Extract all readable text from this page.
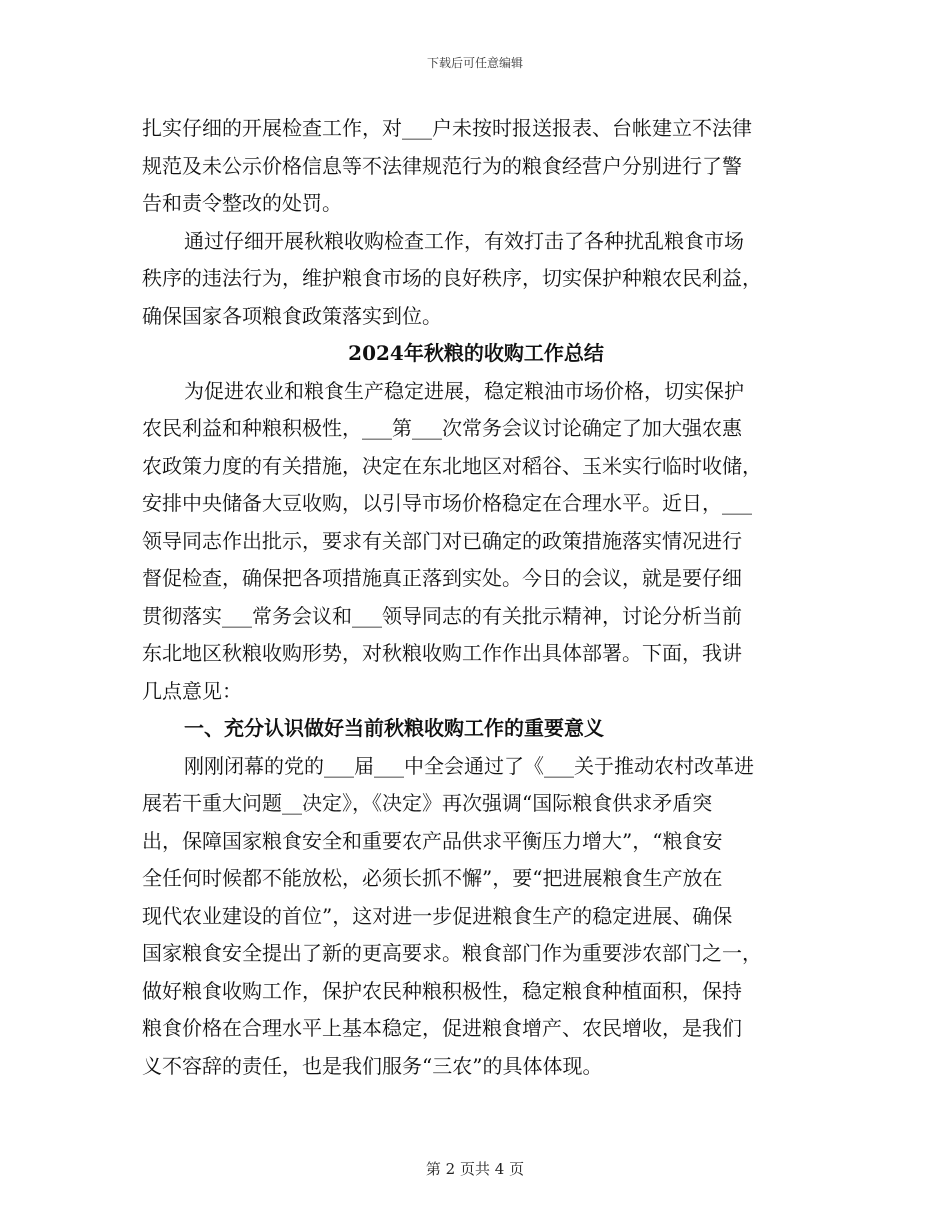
下载后可任意编辑
扎实仔细的开展检查工作，对___户未按时报送报表、台帐建立不法律
规范及未公示价格信息等不法律规范行为的粮食经营户分别进行了警
告和责令整改的处罚。
通过仔细开展秋粮收购检查工作，有效打击了各种扰乱粮食市场
秩序的违法行为，维护粮食市场的良好秩序，切实保护种粮农民利益，
确保国家各项粮食政策落实到位。
2024年秋粮的收购工作总结
为促进农业和粮食生产稳定进展，稳定粮油市场价格，切实保护
农民利益和种粮积极性，___第___次常务会议讨论确定了加大强农惠
农政策力度的有关措施，决定在东北地区对稻谷、玉米实行临时收储，
安排中央储备大豆收购，以引导市场价格稳定在合理水平。近日，___
领导同志作出批示，要求有关部门对已确定的政策措施落实情况进行
督促检查，确保把各项措施真正落到实处。今日的会议，就是要仔细
贯彻落实___常务会议和___领导同志的有关批示精神，讨论分析当前
东北地区秋粮收购形势，对秋粮收购工作作出具体部署。下面，我讲
几点意见：
一、充分认识做好当前秋粮收购工作的重要意义
刚刚闭幕的党的___届___中全会通过了《___关于推动农村改革进
展若干重大问题__决定》，《决定》再次强调“国际粮食供求矛盾突
出，保障国家粮食安全和重要农产品供求平衡压力增大”，“粮食安
全任何时候都不能放松，必须长抓不懈”，要“把进展粮食生产放在
现代农业建设的首位”，这对进一步促进粮食生产的稳定进展、确保
国家粮食安全提出了新的更高要求。粮食部门作为重要涉农部门之一，
做好粮食收购工作，保护农民种粮积极性，稳定粮食种植面积，保持
粮食价格在合理水平上基本稳定，促进粮食增产、农民增收，是我们
义不容辞的责任，也是我们服务“三农”的具体体现。
第 2 页共 4 页
